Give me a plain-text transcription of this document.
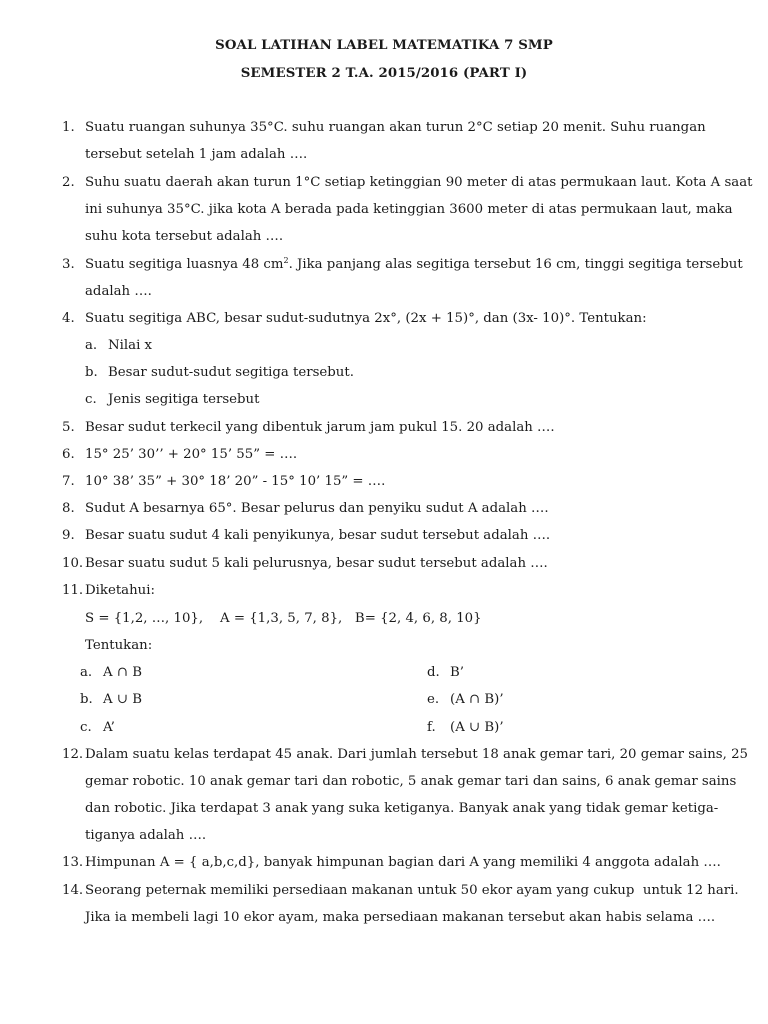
SOAL LATIHAN LABEL MATEMATIKA 7 SMP
SEMESTER 2 T.A. 2015/2016 (PART I)
1. Suatu ruangan suhunya 35°C. suhu ruangan akan turun 2°C setiap 20 menit. Suhu ruangan
tersebut setelah 1 jam adalah ….
2. Suhu suatu daerah akan turun 1°C setiap ketinggian 90 meter di atas permukaan laut. Kota A saat
ini suhunya 35°C. jika kota A berada pada ketinggian 3600 meter di atas permukaan laut, maka
suhu kota tersebut adalah ….
3. Suatu segitiga luasnya 48 $cm^2$. Jika panjang alas segitiga tersebut 16 cm, tinggi segitiga tersebut
adalah ….
4. Suatu segitiga ABC, besar sudut-sudutnya 2x°, (2x + 15)°, dan (3x- 10)°. Tentukan:
a. Nilai x
b. Besar sudut-sudut segitiga tersebut.
c. Jenis segitiga tersebut
5. Besar sudut terkecil yang dibentuk jarum jam pukul 15. 20 adalah ….
6. 15° 25’ 30’’ + 20° 15’ 55” = ….
7. 10° 38’ 35” + 30° 18’ 20” - 15° 10’ 15” = ….
8. Sudut A besarnya 65°. Besar pelurus dan penyiku sudut A adalah ….
9. Besar suatu sudut 4 kali penyikunya, besar sudut tersebut adalah ….
10. Besar suatu sudut 5 kali pelurusnya, besar sudut tersebut adalah ….
11. Diketahui:
S = {1,2, …, 10},    A = {1,3, 5, 7, 8},   B= {2, 4, 6, 8, 10}
Tentukan:
a. A ∩ B
b. A ∪ B
c. A’
d. B’
e. (A ∩ B)’
f. (A ∪ B)’
12. Dalam suatu kelas terdapat 45 anak. Dari jumlah tersebut 18 anak gemar tari, 20 gemar sains, 25
gemar robotic. 10 anak gemar tari dan robotic, 5 anak gemar tari dan sains, 6 anak gemar sains
dan robotic. Jika terdapat 3 anak yang suka ketiganya. Banyak anak yang tidak gemar ketiga-
tiganya adalah ….
13. Himpunan A = { a,b,c,d}, banyak himpunan bagian dari A yang memiliki 4 anggota adalah ….
14. Seorang peternak memiliki persediaan makanan untuk 50 ekor ayam yang cukup  untuk 12 hari.
Jika ia membeli lagi 10 ekor ayam, maka persediaan makanan tersebut akan habis selama ….
